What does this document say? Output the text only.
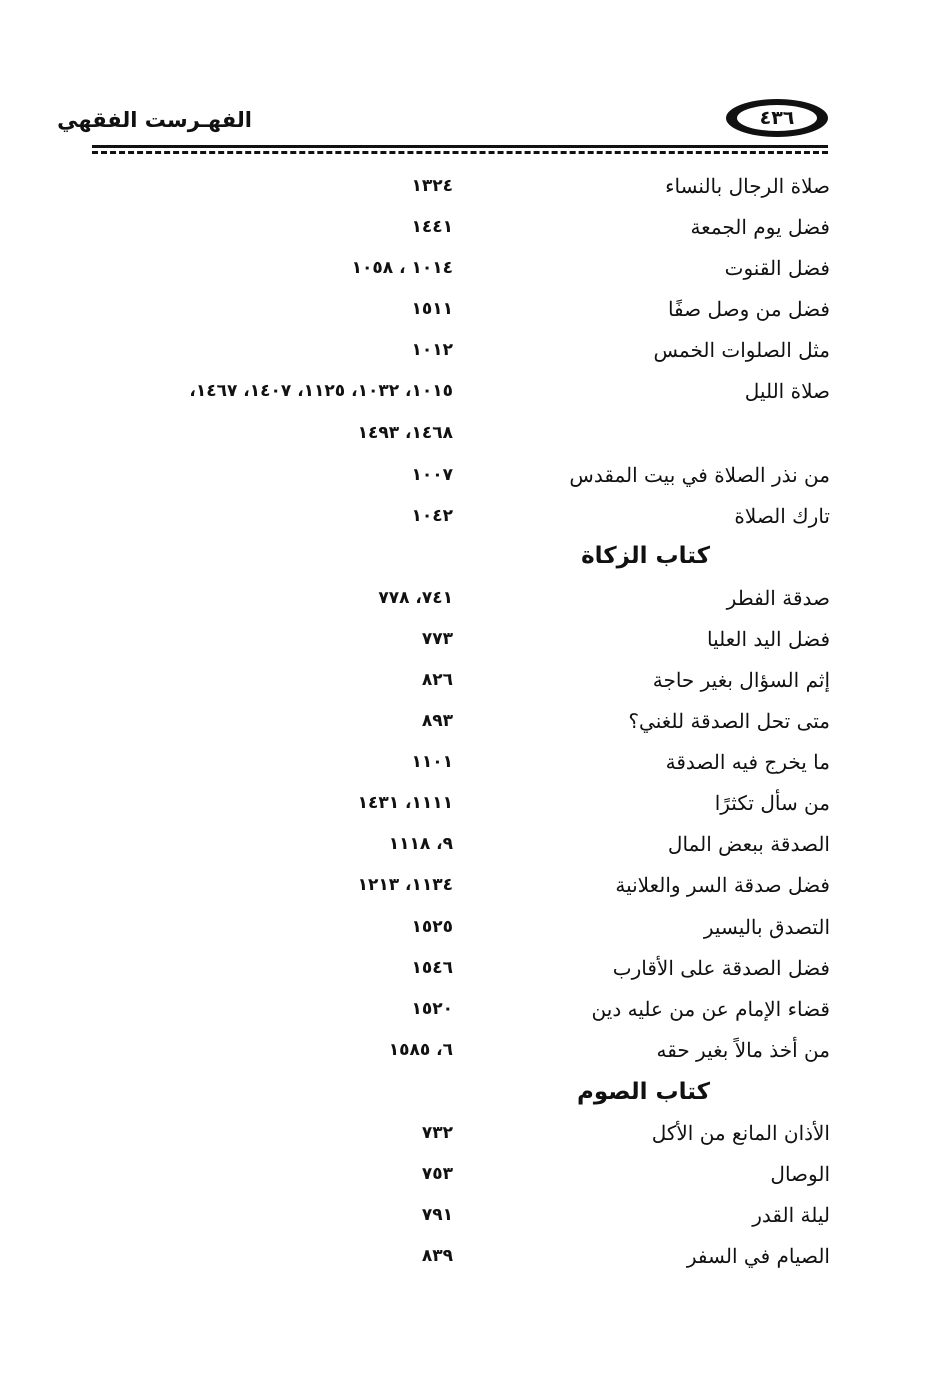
الفهـرست الفقهي	٤٣٦
صلاة الرجال بالنساء
١٣٢٤
فضل يوم الجمعة
١٤٤١
فضل القنوت
١٠١٤ ، ١٠٥٨
فضل من وصل صفًا
١٥١١
مثل الصلوات الخمس
١٠١٢
صلاة الليل
١٠١٥، ١٠٣٢، ١١٢٥، ١٤٠٧، ١٤٦٧،
١٤٦٨، ١٤٩٣
من نذر الصلاة في بيت المقدس
١٠٠٧
تارك الصلاة
١٠٤٢
كتاب الزكاة
صدقة الفطر
٧٤١، ٧٧٨
فضل اليد العليا
٧٧٣
إثم السؤال بغير حاجة
٨٢٦
متى تحل الصدقة للغني؟
٨٩٣
ما يخرج فيه الصدقة
١١٠١
من سأل تكثرًا
١١١١، ١٤٣١
الصدقة ببعض المال
٩، ١١١٨
فضل صدقة السر والعلانية
١١٣٤، ١٢١٣
التصدق باليسير
١٥٢٥
فضل الصدقة على الأقارب
١٥٤٦
قضاء الإمام عن من عليه دين
١٥٢٠
من أخذ مالاً بغير حقه
٦، ١٥٨٥
كتاب الصوم
الأذان المانع من الأكل
٧٣٢
الوصال
٧٥٣
ليلة القدر
٧٩١
الصيام في السفر
٨٣٩
